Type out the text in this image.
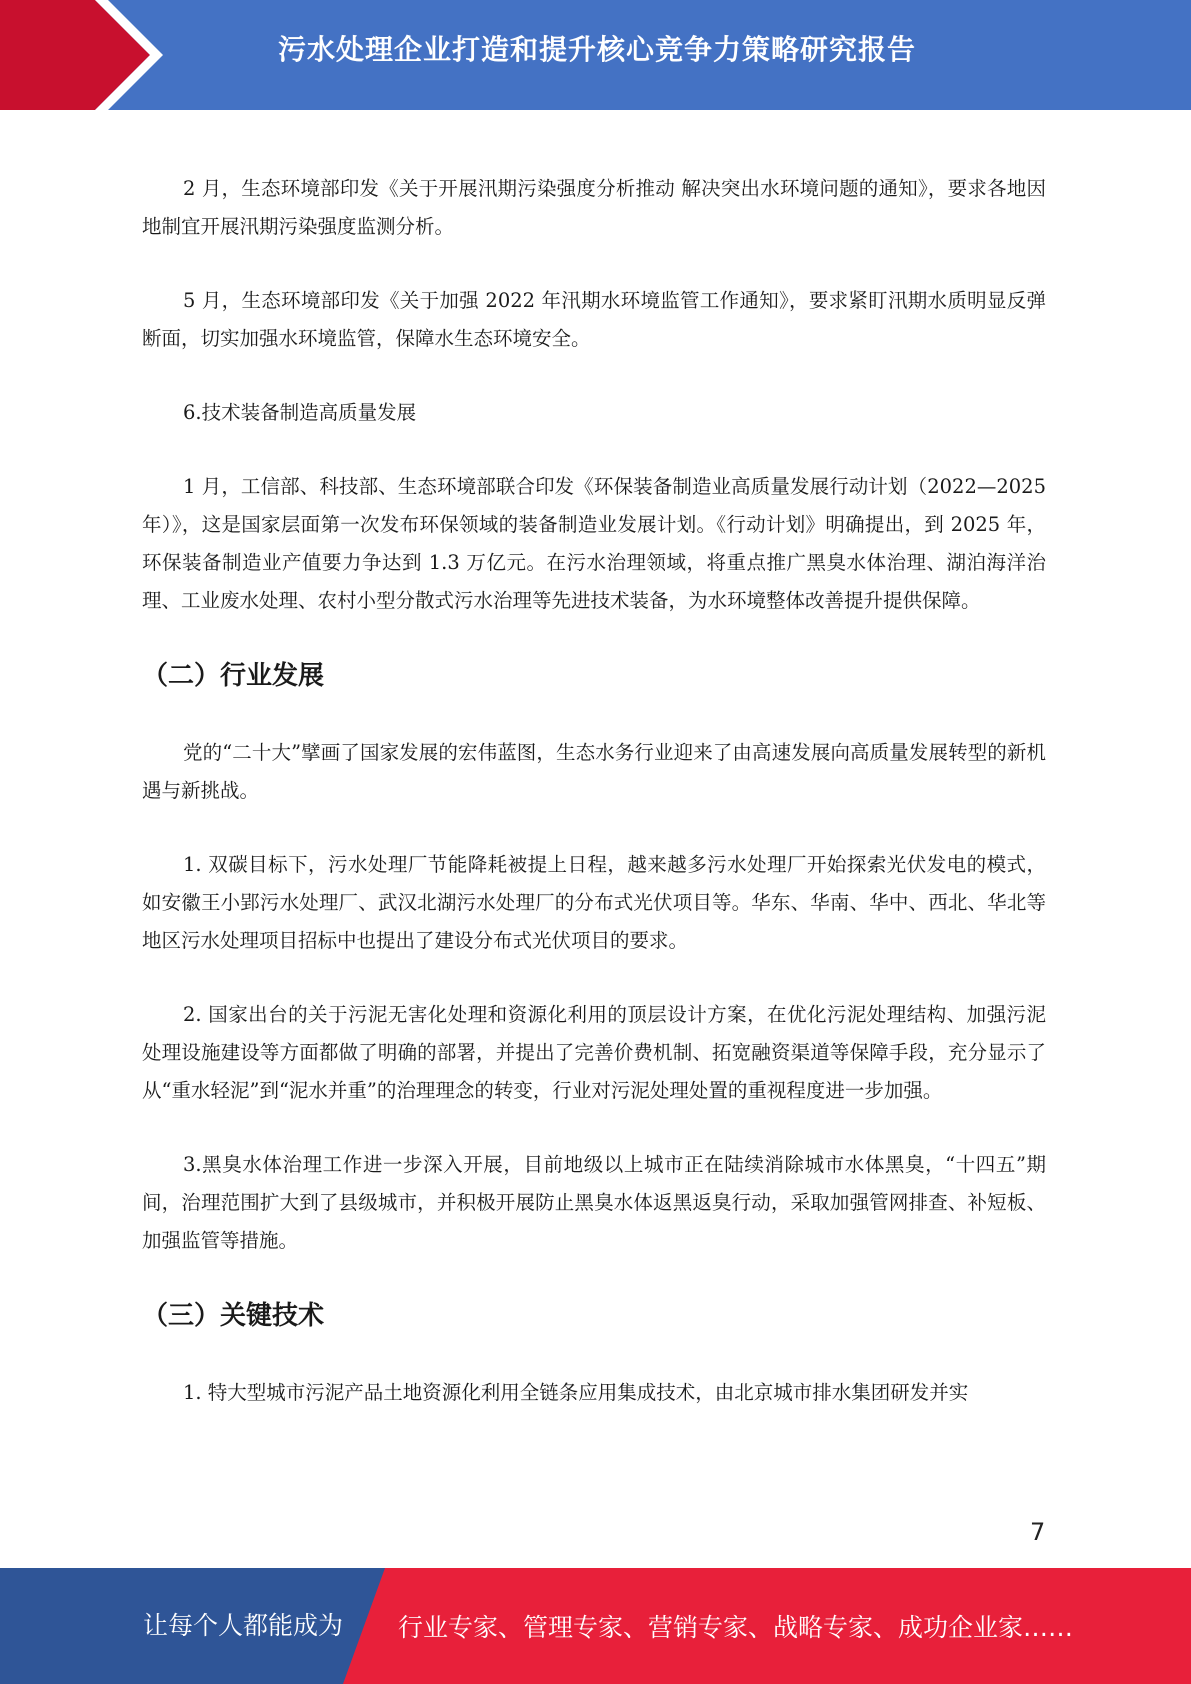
污水处理企业打造和提升核心竞争力策略研究报告

2 月，生态环境部印发《关于开展汛期污染强度分析推动 解决突出水环境问题的通知》，要求各地因地制宜开展汛期污染强度监测分析。

5 月，生态环境部印发《关于加强 2022 年汛期水环境监管工作通知》，要求紧盯汛期水质明显反弹断面，切实加强水环境监管，保障水生态环境安全。

6.技术装备制造高质量发展

1 月，工信部、科技部、生态环境部联合印发《环保装备制造业高质量发展行动计划（2022—2025 年）》，这是国家层面第一次发布环保领域的装备制造业发展计划。《行动计划》明确提出，到 2025 年，环保装备制造业产值要力争达到 1.3 万亿元。在污水治理领域，将重点推广黑臭水体治理、湖泊海洋治理、工业废水处理、农村小型分散式污水治理等先进技术装备，为水环境整体改善提升提供保障。

（二）行业发展

党的“二十大”擘画了国家发展的宏伟蓝图，生态水务行业迎来了由高速发展向高质量发展转型的新机遇与新挑战。

1. 双碳目标下，污水处理厂节能降耗被提上日程，越来越多污水处理厂开始探索光伏发电的模式，如安徽王小郢污水处理厂、武汉北湖污水处理厂的分布式光伏项目等。华东、华南、华中、西北、华北等地区污水处理项目招标中也提出了建设分布式光伏项目的要求。

2. 国家出台的关于污泥无害化处理和资源化利用的顶层设计方案，在优化污泥处理结构、加强污泥处理设施建设等方面都做了明确的部署，并提出了完善价费机制、拓宽融资渠道等保障手段，充分显示了从“重水轻泥”到“泥水并重”的治理理念的转变，行业对污泥处理处置的重视程度进一步加强。

3.黑臭水体治理工作进一步深入开展，目前地级以上城市正在陆续消除城市水体黑臭，“十四五”期间，治理范围扩大到了县级城市，并积极开展防止黑臭水体返黑返臭行动，采取加强管网排查、补短板、加强监管等措施。

（三）关键技术

1. 特大型城市污泥产品土地资源化利用全链条应用集成技术，由北京城市排水集团研发并实

7
让每个人都能成为 行业专家、管理专家、营销专家、战略专家、成功企业家……
